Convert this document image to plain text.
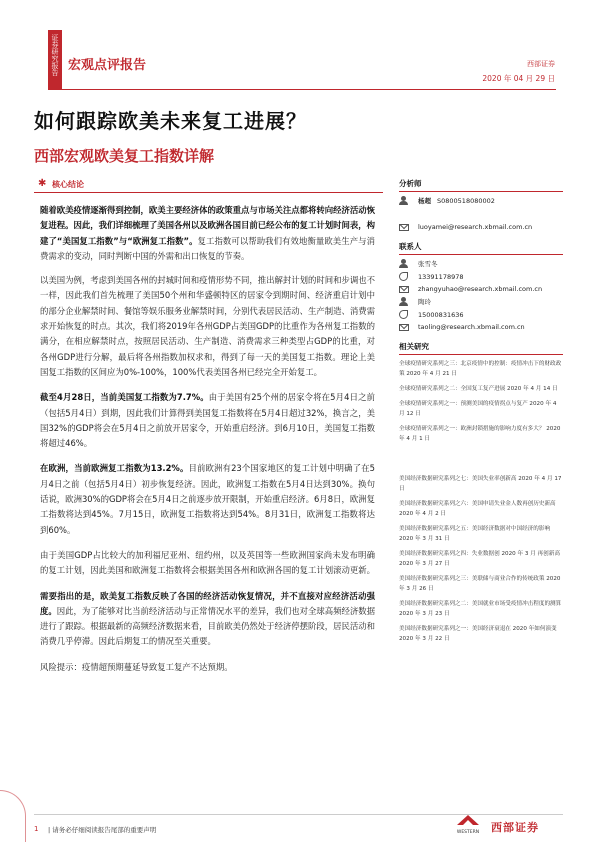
证券研究报告 宏观点评报告	西部证券
2020 年 04 月 29 日
如何跟踪欧美未来复工进展？
西部宏观欧美复工指数详解
✱ 核心结论

随着欧美疫情逐渐得到控制，欧美主要经济体的政策重点与市场关注点都将转向经济活动恢复进程。因此，我们详细梳理了美国各州以及欧洲各国目前已经公布的复工计划时间表，构建了“美国复工指数”与“欧洲复工指数”。复工指数可以帮助我们有效地衡量欧美生产与消费需求的变动，同时判断中国的外需和出口恢复的节奏。

以美国为例，考虑到美国各州的封城时间和疫情形势不同，推出解封计划的时间和步调也不一样，因此我们首先梳理了美国50个州和华盛顿特区的居家令到期时间、经济重启计划中的部分企业解禁时间、餐馆等娱乐服务业解禁时间，分别代表居民活动、生产制造、消费需求开始恢复的时点。其次，我们将2019年各州GDP占美国GDP的比重作为各州复工指数的满分，在相应解禁时点，按照居民活动、生产制造、消费需求三种类型占GDP的比重，对各州GDP进行分解，最后将各州指数加权求和，得到了每一天的美国复工指数。理论上美国复工指数的区间应为0%-100%，100%代表美国各州已经完全开始复工。

截至4月28日，当前美国复工指数为7.7%。由于美国有25个州的居家令将在5月4日之前（包括5月4日）到期，因此我们计算得到美国复工指数将在5月4日超过32%，换言之，美国32%的GDP将会在5月4日之前放开居家令，开始重启经济。到6月10日，美国复工指数将超过46%。

在欧洲，当前欧洲复工指数为13.2%。目前欧洲有23个国家地区的复工计划中明确了在5月4日之前（包括5月4日）初步恢复经济。因此，欧洲复工指数在5月4日达到30%。换句话说，欧洲30%的GDP将会在5月4日之前逐步放开限制，开始重启经济。6月8日，欧洲复工指数将达到45%。7月15日，欧洲复工指数将达到54%。8月31日，欧洲复工指数将达到60%。

由于美国GDP占比较大的加利福尼亚州、纽约州，以及英国等一些欧洲国家尚未发布明确的复工计划，因此美国和欧洲复工指数将会根据美国各州和欧洲各国的复工计划滚动更新。

需要指出的是，欧美复工指数反映了各国的经济活动恢复情况，并不直接对应经济活动强度。因此，为了能够对比当前经济活动与正常情况水平的差异，我们也对全球高频经济数据进行了跟踪。根据最新的高频经济数据来看，目前欧美仍然处于经济停摆阶段，居民活动和消费几乎停滞。因此后期复工的情况至关重要。

风险提示：疫情超预期蔓延导致复工复产不达预期。

分析师
杨超 S0800518080002
luoyamei@research.xbmail.com.cn
联系人
张雪冬
13391178978
zhangyuhao@research.xbmail.com.cn
陶玲
15000831636
taoling@research.xbmail.com.cn
相关研究
全球疫情研究系列之三：北京疫情中的控制：疫情冲击下的财政政策 2020 年 4 月 21 日
全球疫情研究系列之二：全国复工复产进展 2020 年 4 月 14 日
全球疫情研究系列之一：预测美国的疫情拐点与复产 2020 年 4 月 12 日
全球疫情研究系列之一：欧洲封锁措施的影响力度有多大？ 2020 年 4 月 1 日
美国经济数据研究系列之七：美国失业率创新高 2020 年 4 月 17 日
美国经济数据研究系列之六：美国申请失业金人数再创历史新高 2020 年 4 月 2 日
美国经济数据研究系列之五：美国经济数据对中国经济的影响 2020 年 3 月 31 日
美国经济数据研究系列之四：失业数据创 2020 年 3 月 再创新高 2020 年 3 月 27 日
美国经济数据研究系列之三：美联储与商业合作的传统政策 2020 年 3 月 26 日
美国经济数据研究系列之二：美国就业市场受疫情冲击程度的测算 2020 年 3 月 23 日
美国经济数据研究系列之一：美国经济衰退在 2020 年如何演变 2020 年 3 月 22 日
1 | 请务必仔细阅读报告尾部的重要声明	WESTERN 西部证券
